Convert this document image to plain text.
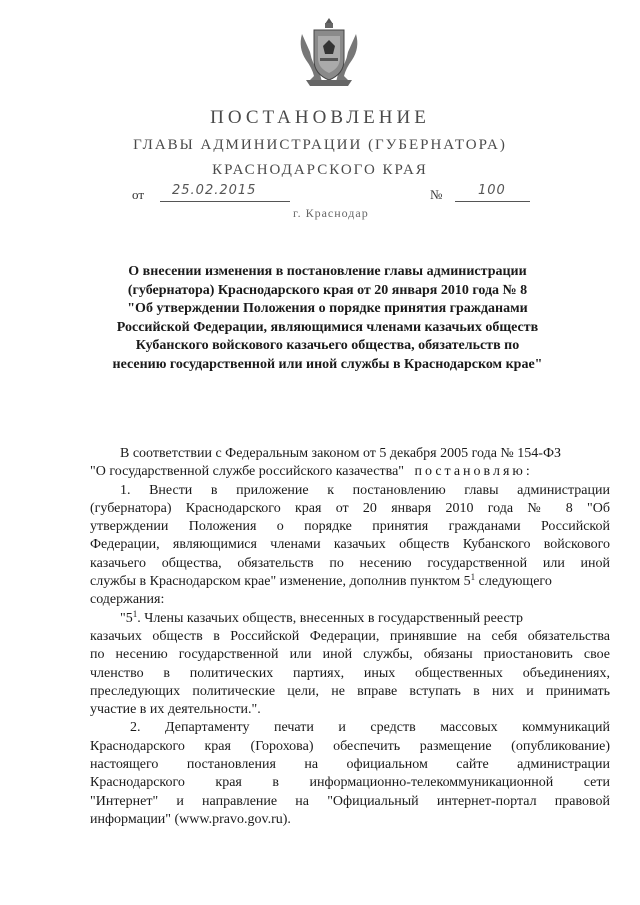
ПОСТАНОВЛЕНИЕ
ГЛАВЫ АДМИНИСТРАЦИИ (ГУБЕРНАТОРА)
КРАСНОДАРСКОГО КРАЯ
от 25.02.2015	№	100
г. Краснодар
О внесении изменения в постановление главы администрации
(губернатора) Краснодарского края от 20 января 2010 года № 8
"Об утверждении Положения о порядке принятия гражданами
Российской Федерации, являющимися членами казачьих обществ
Кубанского войскового казачьего общества, обязательств по
несению государственной или иной службы в Краснодарском крае"
В соответствии с Федеральным законом от 5 декабря 2005 года № 154-ФЗ
"О государственной службе российского казачества" постановляю:
1. Внести в приложение к постановлению главы администрации
(губернатора) Краснодарского края от 20 января 2010 года № 8 "Об
утверждении Положения о порядке принятия гражданами Российской
Федерации, являющимися членами казачьих обществ Кубанского войскового
казачьего общества, обязательств по несению государственной или иной
службы в Краснодарском крае" изменение, дополнив пунктом $5^1$ следующего
содержания:
"$5^1$. Члены казачьих обществ, внесенных в государственный реестр
казачьих обществ в Российской Федерации, принявшие на себя обязательства
по несению государственной или иной службы, обязаны приостановить свое
членство в политических партиях, иных общественных объединениях,
преследующих политические цели, не вправе вступать в них и принимать
участие в их деятельности.".
2. Департаменту печати и средств массовых коммуникаций
Краснодарского края (Горохова) обеспечить размещение (опубликование)
настоящего постановления на официальном сайте администрации
Краснодарского края в информационно-телекоммуникационной сети
"Интернет" и направление на "Официальный интернет-портал правовой
информации" (www.pravo.gov.ru).
